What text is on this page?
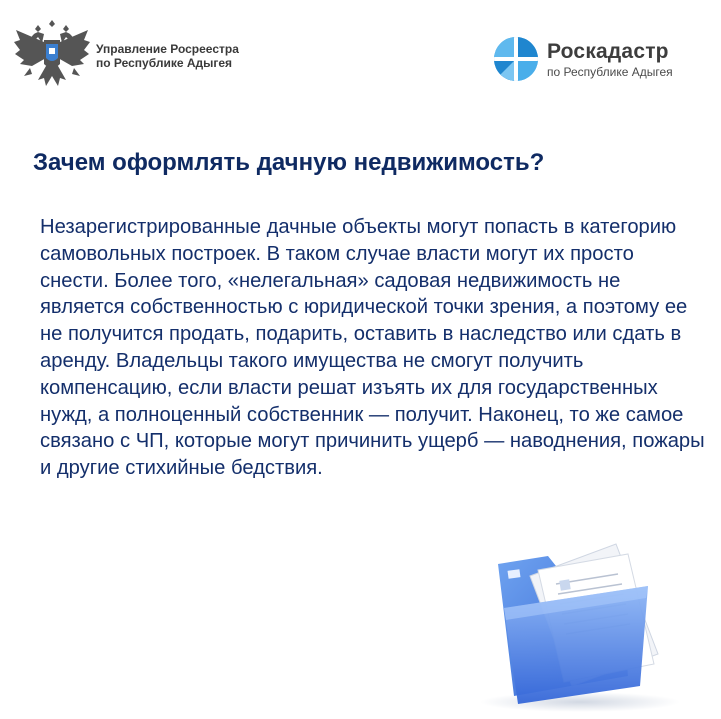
Управление Росреестра
по Республике Адыгея
Роскадастр
по Республике Адыгея
Зачем оформлять дачную недвижимость?

Незарегистрированные дачные объекты могут попасть в категорию самовольных построек. В таком случае власти могут их просто снести. Более того, «нелегальная» садовая недвижимость не является собственностью с юридической точки зрения, а поэтому ее не получится продать, подарить, оставить в наследство или сдать в аренду. Владельцы такого имущества не смогут получить компенсацию, если власти решат изъять их для государственных нужд, а полноценный собственник — получит. Наконец, то же самое связано с ЧП, которые могут причинить ущерб — наводнения, пожары и другие стихийные бедствия.
